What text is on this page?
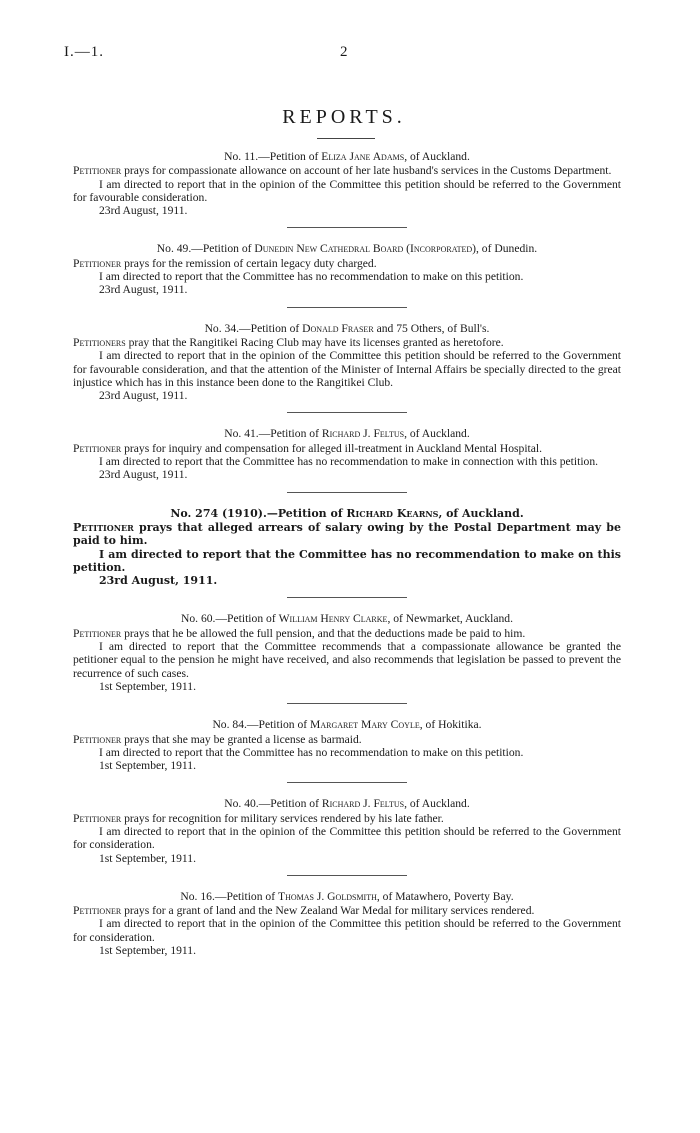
I.—1.	2
REPORTS.

No. 11.—Petition of Eliza Jane Adams, of Auckland.

Petitioner prays for compassionate allowance on account of her late husband's services in the Customs Department.

I am directed to report that in the opinion of the Committee this petition should be referred to the Government for favourable consideration.

23rd August, 1911.

No. 49.—Petition of Dunedin New Cathedral Board (Incorporated), of Dunedin.

Petitioner prays for the remission of certain legacy duty charged.

I am directed to report that the Committee has no recommendation to make on this petition.

23rd August, 1911.

No. 34.—Petition of Donald Fraser and 75 Others, of Bull's.

Petitioners pray that the Rangitikei Racing Club may have its licenses granted as heretofore.

I am directed to report that in the opinion of the Committee this petition should be referred to the Government for favourable consideration, and that the attention of the Minister of Internal Affairs be specially directed to the great injustice which has in this instance been done to the Rangitikei Club.

23rd August, 1911.

No. 41.—Petition of Richard J. Feltus, of Auckland.

Petitioner prays for inquiry and compensation for alleged ill-treatment in Auckland Mental Hospital.

I am directed to report that the Committee has no recommendation to make in connection with this petition.

23rd August, 1911.

No. 274 (1910).—Petition of Richard Kearns, of Auckland.

Petitioner prays that alleged arrears of salary owing by the Postal Department may be paid to him.

I am directed to report that the Committee has no recommendation to make on this petition.

23rd August, 1911.

No. 60.—Petition of William Henry Clarke, of Newmarket, Auckland.

Petitioner prays that he be allowed the full pension, and that the deductions made be paid to him.

I am directed to report that the Committee recommends that a compassionate allowance be granted the petitioner equal to the pension he might have received, and also recommends that legislation be passed to prevent the recurrence of such cases.

1st September, 1911.

No. 84.—Petition of Margaret Mary Coyle, of Hokitika.

Petitioner prays that she may be granted a license as barmaid.

I am directed to report that the Committee has no recommendation to make on this petition.

1st September, 1911.

No. 40.—Petition of Richard J. Feltus, of Auckland.

Petitioner prays for recognition for military services rendered by his late father.

I am directed to report that in the opinion of the Committee this petition should be referred to the Government for consideration.

1st September, 1911.

No. 16.—Petition of Thomas J. Goldsmith, of Matawhero, Poverty Bay.

Petitioner prays for a grant of land and the New Zealand War Medal for military services rendered.

I am directed to report that in the opinion of the Committee this petition should be referred to the Government for consideration.

1st September, 1911.
